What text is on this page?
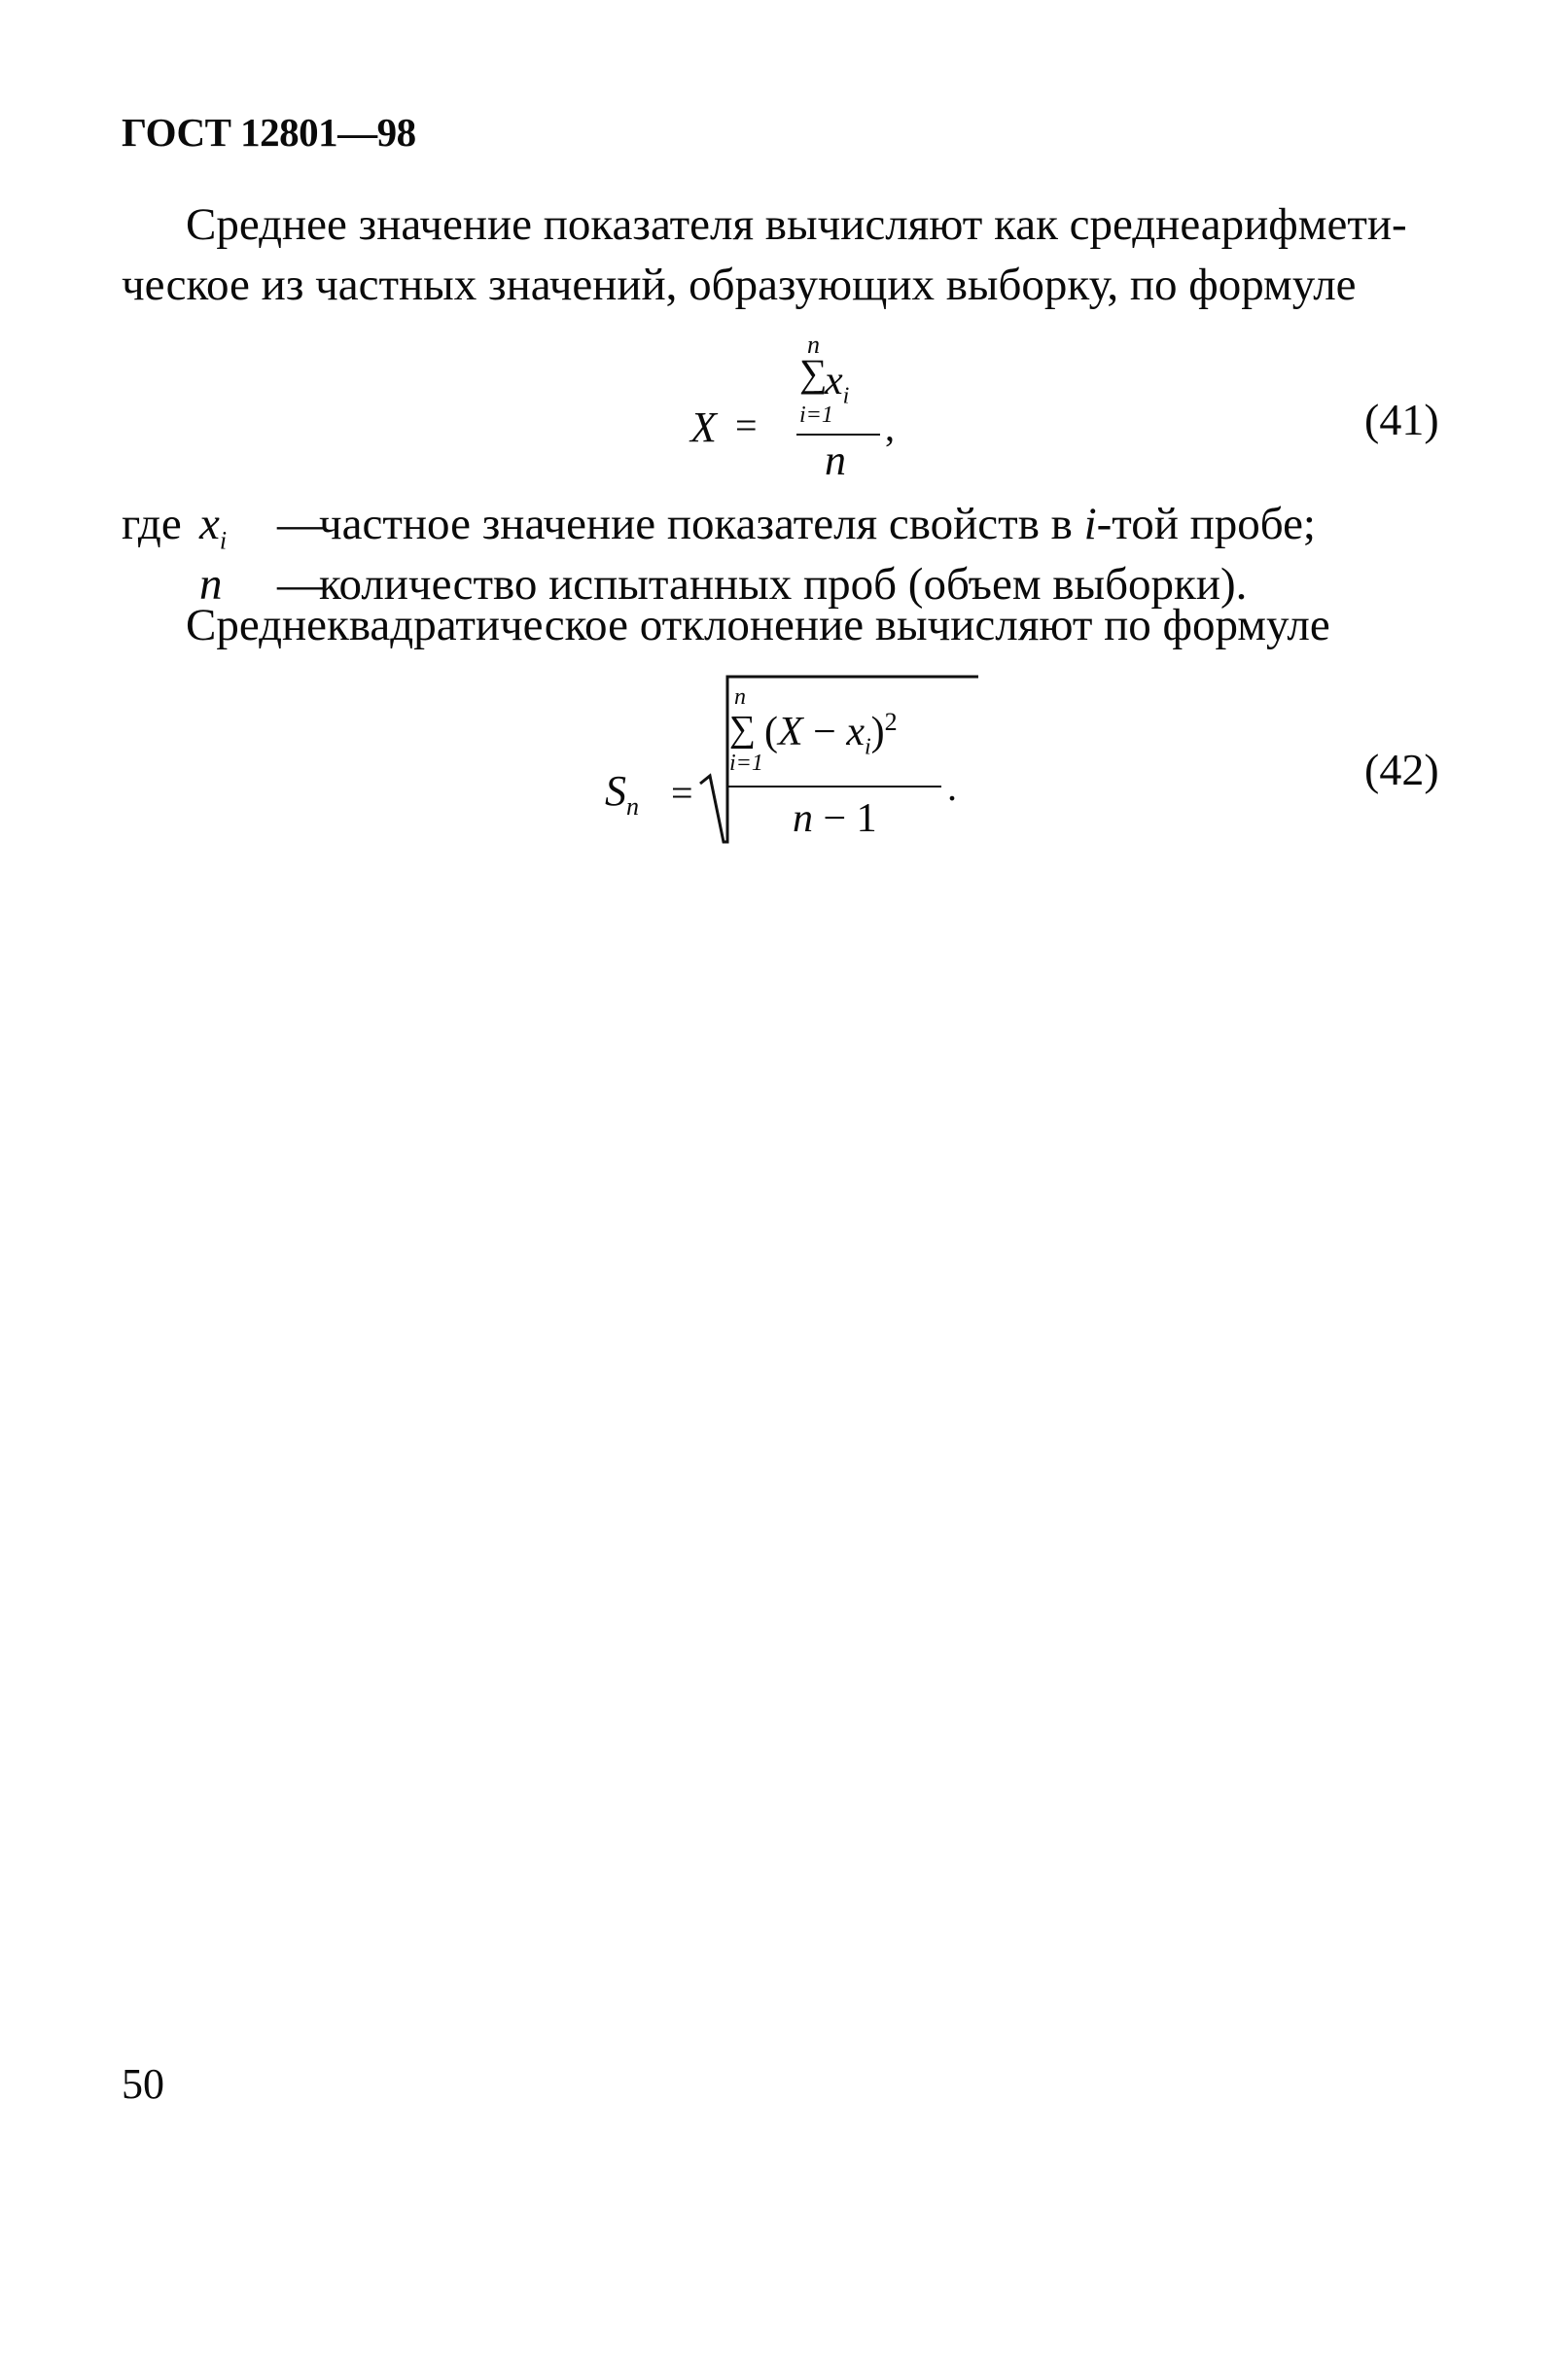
ГОСТ 12801—98
Среднее значение показателя вычисляют как среднеарифмети-
ческое из частных значений, образующих выборку, по формуле
n
∑
$x_i$
X = i=1 ,
n
(41)
где $x_i$ —
частное значение показателя свойств в i-той пробе;
n —
количество испытанных проб (объем выборки).
Среднеквадратическое отклонение вычисляют по формуле
$S_n$ =
n
∑ $(X - x_i)^2$
i=1
.
n − 1
(42)
50
